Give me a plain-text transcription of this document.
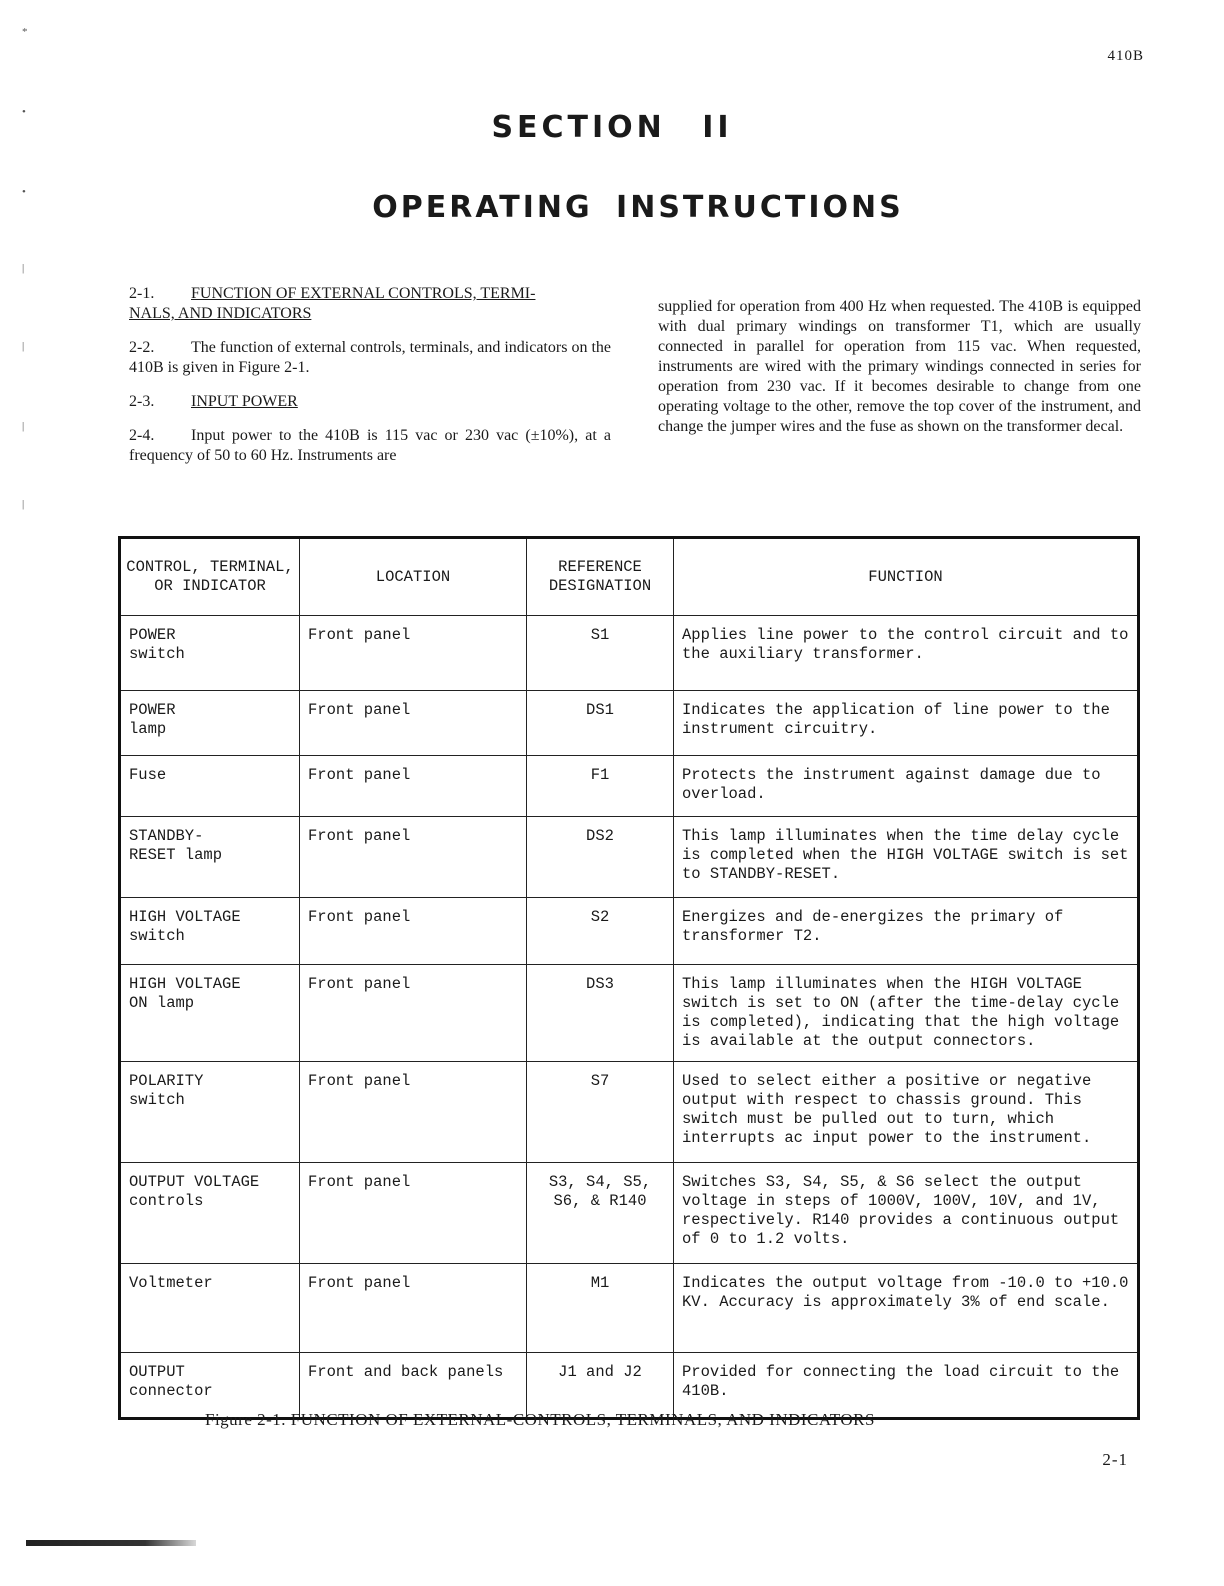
410B
*
•
•
|
|
|
|
SECTION II
OPERATING INSTRUCTIONS

2-1. FUNCTION OF EXTERNAL CONTROLS, TERMI-
NALS, AND INDICATORS

2-2. The function of external controls, terminals, and indicators on the 410B is given in Figure 2-1.

2-3. INPUT POWER

2-4. Input power to the 410B is 115 vac or 230 vac (±10%), at a frequency of 50 to 60 Hz. Instruments are

supplied for operation from 400 Hz when requested. The 410B is equipped with dual primary windings on transformer T1, which are usually connected in parallel for operation from 115 vac. When requested, instruments are wired with the primary windings connected in series for operation from 230 vac. If it becomes desirable to change from one operating voltage to the other, remove the top cover of the instrument, and change the jumper wires and the fuse as shown on the transformer decal.
CONTROL, TERMINAL, OR INDICATOR	LOCATION	REFERENCE DESIGNATION	FUNCTION
POWER
switch	Front panel	S1	Applies line power to the control circuit and to the auxiliary transformer.
POWER
lamp	Front panel	DS1	Indicates the application of line power to the instrument circuitry.
Fuse	Front panel	F1	Protects the instrument against damage due to overload.
STANDBY-
RESET lamp	Front panel	DS2	This lamp illuminates when the time delay cycle is completed when the HIGH VOLTAGE switch is set to STANDBY-RESET.
HIGH VOLTAGE
switch	Front panel	S2	Energizes and de-energizes the primary of transformer T2.
HIGH VOLTAGE
ON lamp	Front panel	DS3	This lamp illuminates when the HIGH VOLTAGE switch is set to ON (after the time-delay cycle is completed), indicating that the high voltage is available at the output connectors.
POLARITY
switch	Front panel	S7	Used to select either a positive or negative output with respect to chassis ground. This switch must be pulled out to turn, which interrupts ac input power to the instrument.
OUTPUT VOLTAGE
controls	Front panel	S3, S4, S5, S6, & R140	Switches S3, S4, S5, & S6 select the output voltage in steps of 1000V, 100V, 10V, and 1V, respectively. R140 provides a continuous output of 0 to 1.2 volts.
Voltmeter	Front panel	M1	Indicates the output voltage from -10.0 to +10.0 KV. Accuracy is approximately 3% of end scale.
OUTPUT
connector	Front and back panels	J1 and J2	Provided for connecting the load circuit to the 410B.
Figure 2-1. FUNCTION OF EXTERNAL-CONTROLS, TERMINALS, AND INDICATORS
2-1
